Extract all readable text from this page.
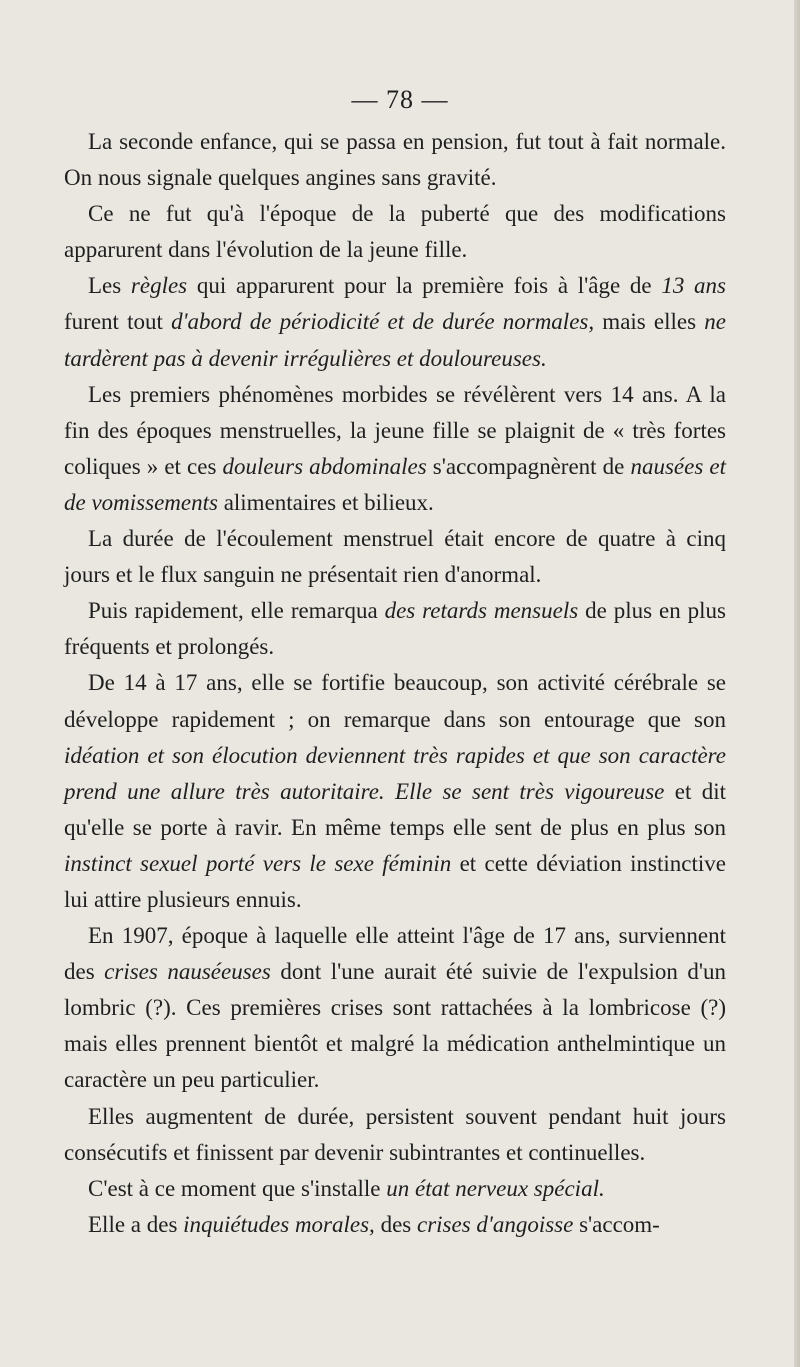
— 78 —

La seconde enfance, qui se passa en pension, fut tout à fait normale. On nous signale quelques angines sans gravité.

Ce ne fut qu'à l'époque de la puberté que des modifications apparurent dans l'évolution de la jeune fille.

Les règles qui apparurent pour la première fois à l'âge de 13 ans furent tout d'abord de périodicité et de durée normales, mais elles ne tardèrent pas à devenir irrégulières et douloureuses.

Les premiers phénomènes morbides se révélèrent vers 14 ans. A la fin des époques menstruelles, la jeune fille se plaignit de « très fortes coliques » et ces douleurs abdominales s'accompagnèrent de nausées et de vomissements alimentaires et bilieux.

La durée de l'écoulement menstruel était encore de quatre à cinq jours et le flux sanguin ne présentait rien d'anormal.

Puis rapidement, elle remarqua des retards mensuels de plus en plus fréquents et prolongés.

De 14 à 17 ans, elle se fortifie beaucoup, son activité cérébrale se développe rapidement ; on remarque dans son entourage que son idéation et son élocution deviennent très rapides et que son caractère prend une allure très autoritaire. Elle se sent très vigoureuse et dit qu'elle se porte à ravir. En même temps elle sent de plus en plus son instinct sexuel porté vers le sexe féminin et cette déviation instinctive lui attire plusieurs ennuis.

En 1907, époque à laquelle elle atteint l'âge de 17 ans, surviennent des crises nauséeuses dont l'une aurait été suivie de l'expulsion d'un lombric (?). Ces premières crises sont rattachées à la lombricose (?) mais elles prennent bientôt et malgré la médication anthelmintique un caractère un peu particulier.

Elles augmentent de durée, persistent souvent pendant huit jours consécutifs et finissent par devenir subintrantes et continuelles.

C'est à ce moment que s'installe un état nerveux spécial.

Elle a des inquiétudes morales, des crises d'angoisse s'accom-
